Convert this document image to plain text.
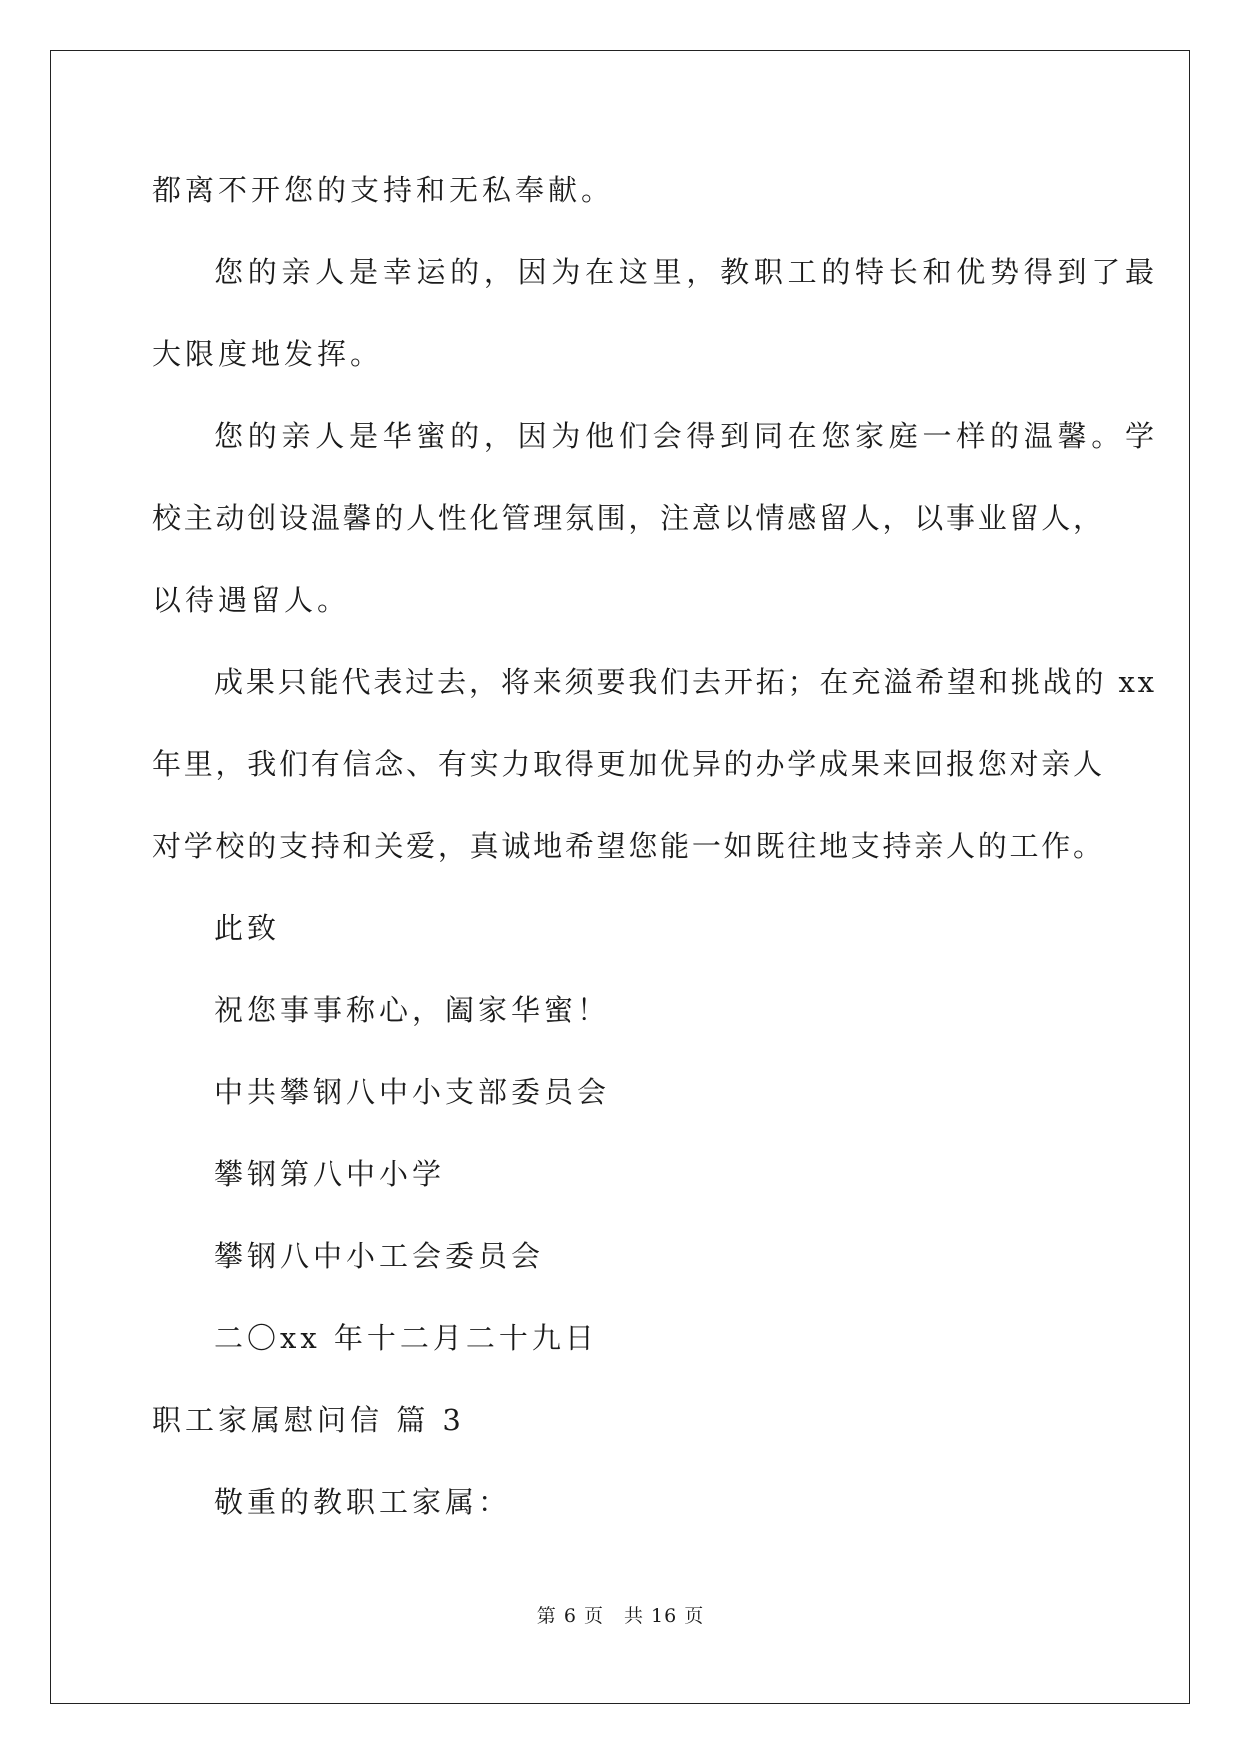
都离不开您的支持和无私奉献。
您的亲人是幸运的，因为在这里，教职工的特长和优势得到了最
大限度地发挥。
您的亲人是华蜜的，因为他们会得到同在您家庭一样的温馨。学
校主动创设温馨的人性化管理氛围，注意以情感留人，以事业留人，
以待遇留人。
成果只能代表过去，将来须要我们去开拓；在充溢希望和挑战的 xx
年里，我们有信念、有实力取得更加优异的办学成果来回报您对亲人
对学校的支持和关爱，真诚地希望您能一如既往地支持亲人的工作。
此致
祝您事事称心，阖家华蜜！
中共攀钢八中小支部委员会
攀钢第八中小学
攀钢八中小工会委员会
二〇xx 年十二月二十九日
职工家属慰问信 篇 3
敬重的教职工家属：
第 6 页　共 16 页
